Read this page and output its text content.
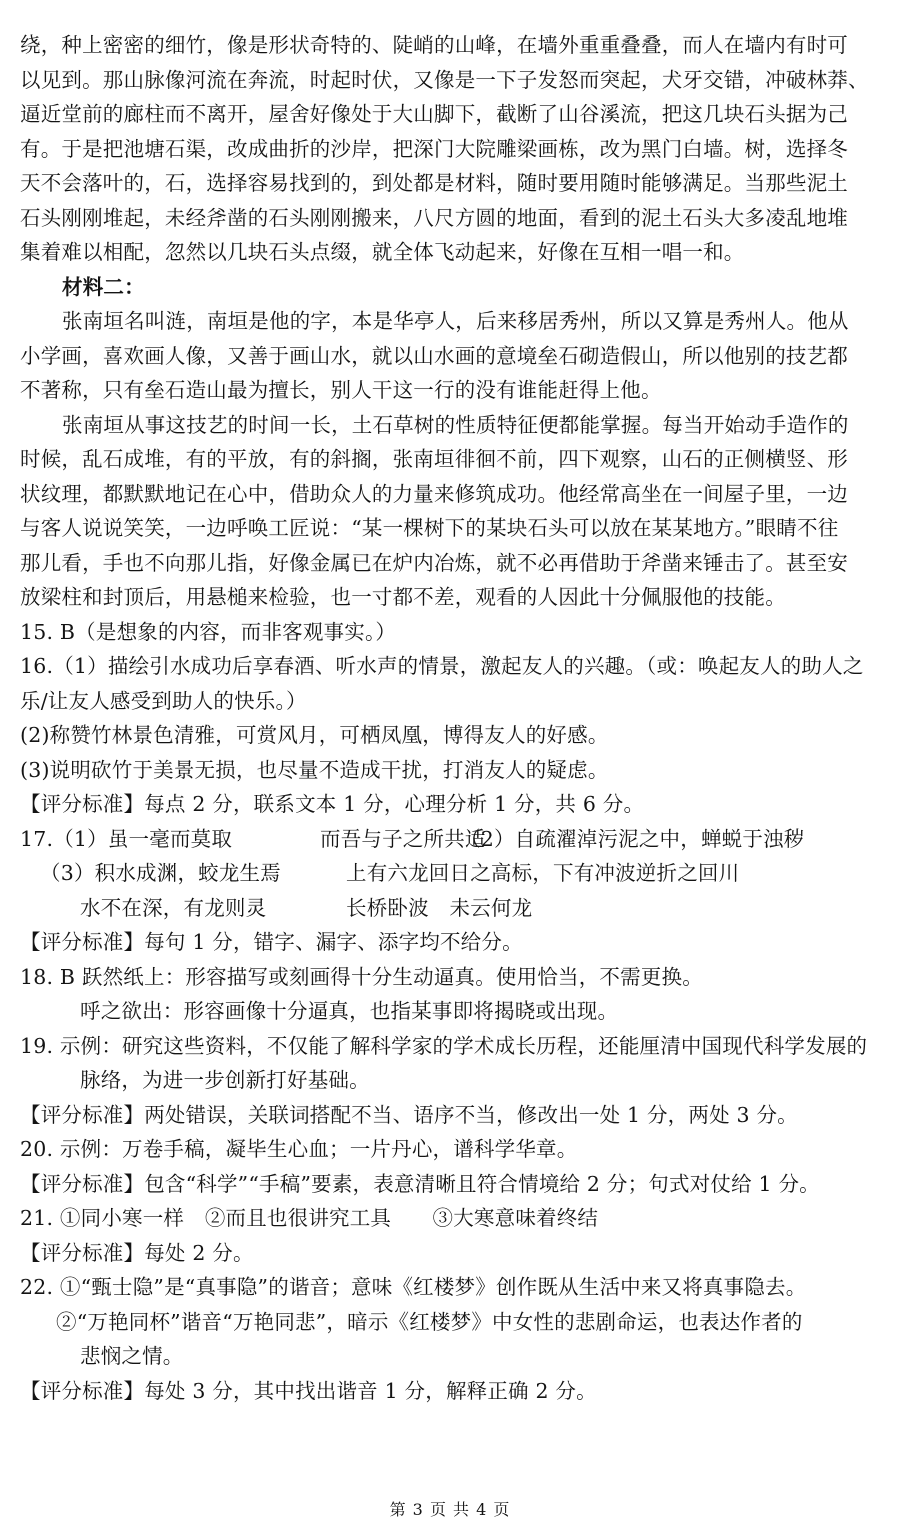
绕，种上密密的细竹，像是形状奇特的、陡峭的山峰，在墙外重重叠叠，而人在墙内有时可
以见到。那山脉像河流在奔流，时起时伏，又像是一下子发怒而突起，犬牙交错，冲破林莽、
逼近堂前的廊柱而不离开，屋舍好像处于大山脚下，截断了山谷溪流，把这几块石头据为己
有。于是把池塘石渠，改成曲折的沙岸，把深门大院雕梁画栋，改为黑门白墙。树，选择冬
天不会落叶的，石，选择容易找到的，到处都是材料，随时要用随时能够满足。当那些泥土
石头刚刚堆起，未经斧凿的石头刚刚搬来，八尺方圆的地面，看到的泥土石头大多凌乱地堆
集着难以相配，忽然以几块石头点缀，就全体飞动起来，好像在互相一唱一和。
材料二：
张南垣名叫涟，南垣是他的字，本是华亭人，后来移居秀州，所以又算是秀州人。他从
小学画，喜欢画人像，又善于画山水，就以山水画的意境垒石砌造假山，所以他别的技艺都
不著称，只有垒石造山最为擅长，别人干这一行的没有谁能赶得上他。
张南垣从事这技艺的时间一长，土石草树的性质特征便都能掌握。每当开始动手造作的
时候，乱石成堆，有的平放，有的斜搁，张南垣徘徊不前，四下观察，山石的正侧横竖、形
状纹理，都默默地记在心中，借助众人的力量来修筑成功。他经常高坐在一间屋子里，一边
与客人说说笑笑，一边呼唤工匠说：“某一棵树下的某块石头可以放在某某地方。”眼睛不往
那儿看，手也不向那儿指，好像金属已在炉内冶炼，就不必再借助于斧凿来锤击了。甚至安
放梁柱和封顶后，用悬槌来检验，也一寸都不差，观看的人因此十分佩服他的技能。
15. B（是想象的内容，而非客观事实。）
16.（1）描绘引水成功后享春酒、听水声的情景，激起友人的兴趣。（或：唤起友人的助人之
乐/让友人感受到助人的快乐。）
(2)称赞竹林景色清雅，可赏风月，可栖凤凰，博得友人的好感。
(3)说明砍竹于美景无损，也尽量不造成干扰，打消友人的疑虑。
【评分标准】每点 2 分，联系文本 1 分，心理分析 1 分，共 6 分。
17.（1）虽一毫而莫取	而吾与子之所共适（2）自疏濯淖污泥之中，蝉蜕于浊秽
（3）积水成渊，蛟龙生焉	上有六龙回日之高标，下有冲波逆折之回川
水不在深，有龙则灵	长桥卧波　未云何龙
【评分标准】每句 1 分，错字、漏字、添字均不给分。
18. B 跃然纸上：形容描写或刻画得十分生动逼真。使用恰当，不需更换。
呼之欲出：形容画像十分逼真，也指某事即将揭晓或出现。
19. 示例：研究这些资料，不仅能了解科学家的学术成长历程，还能厘清中国现代科学发展的
脉络，为进一步创新打好基础。
【评分标准】两处错误，关联词搭配不当、语序不当，修改出一处 1 分，两处 3 分。
20. 示例：万卷手稿，凝毕生心血；一片丹心，谱科学华章。
【评分标准】包含“科学”“手稿”要素，表意清晰且符合情境给 2 分；句式对仗给 1 分。
21. ①同小寒一样　②而且也很讲究工具　　③大寒意味着终结
【评分标准】每处 2 分。
22. ①“甄士隐”是“真事隐”的谐音；意味《红楼梦》创作既从生活中来又将真事隐去。
②“万艳同杯”谐音“万艳同悲”，暗示《红楼梦》中女性的悲剧命运，也表达作者的
悲悯之情。
【评分标准】每处 3 分，其中找出谐音 1 分，解释正确 2 分。
第 3 页 共 4 页
